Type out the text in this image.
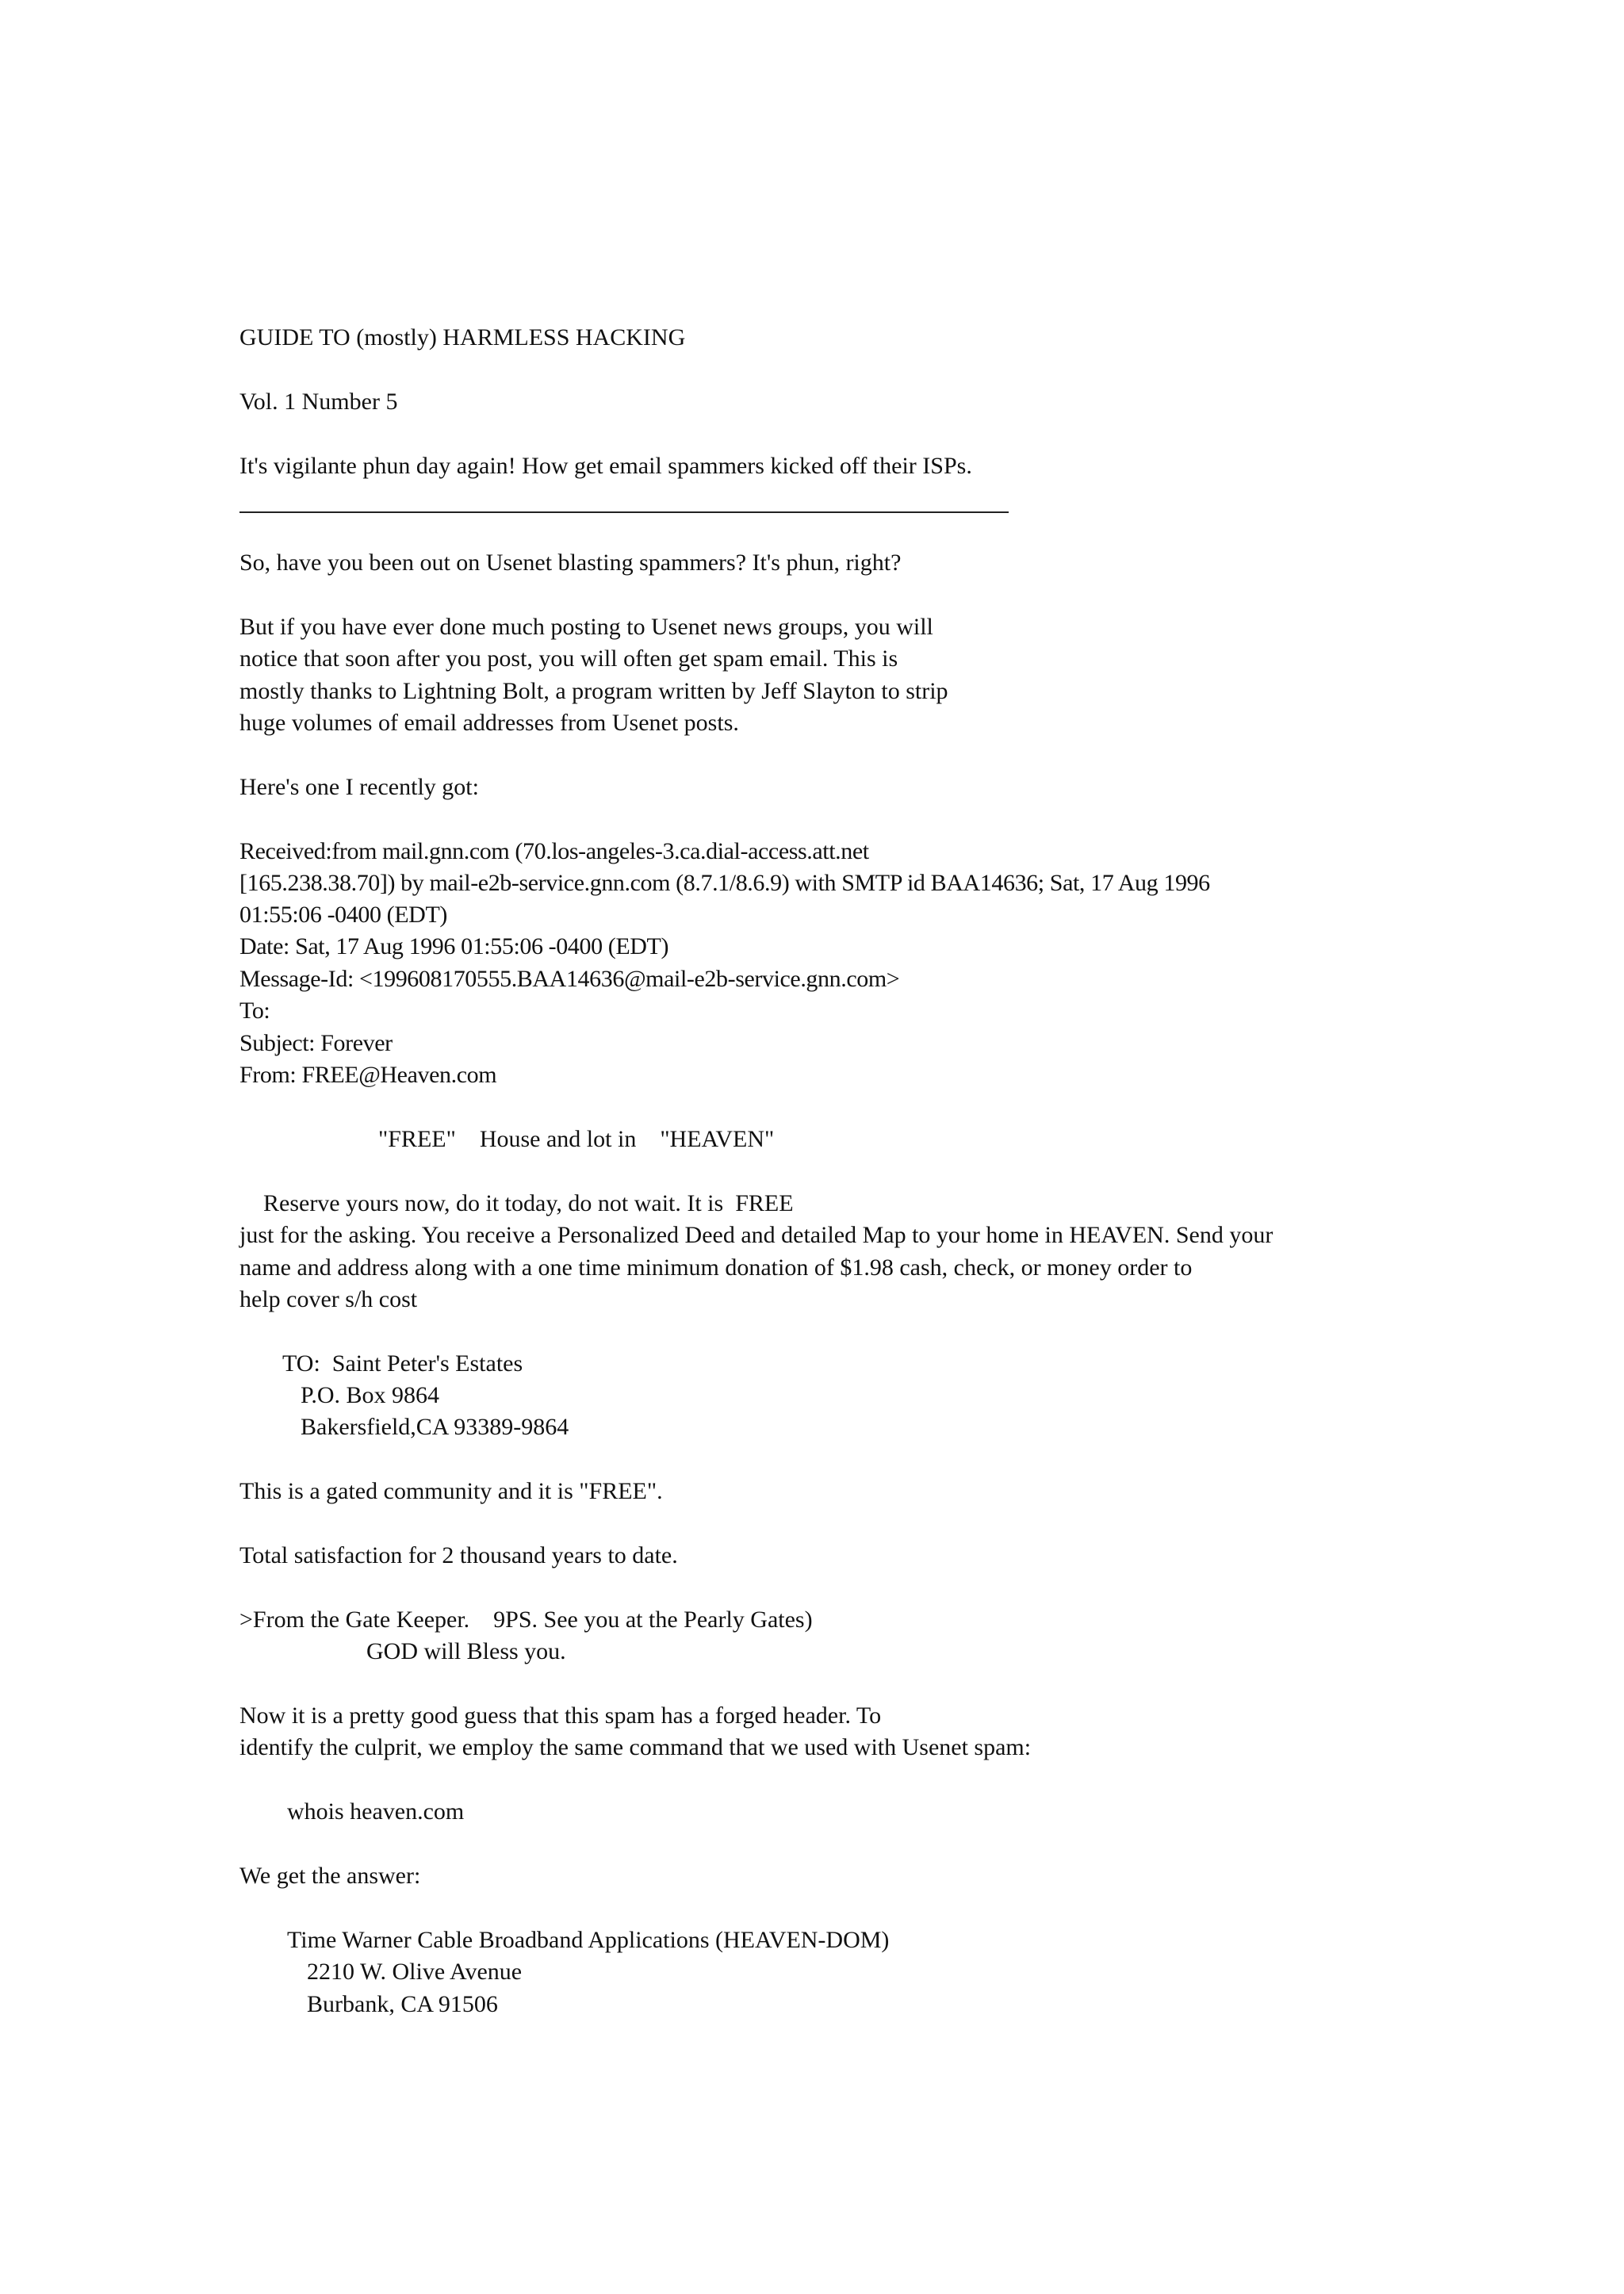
GUIDE TO (mostly) HARMLESS HACKING

Vol. 1 Number 5

It's vigilante phun day again! How get email spammers kicked off their ISPs.

So, have you been out on Usenet blasting spammers? It's phun, right?

But if you have ever done much posting to Usenet news groups, you will

notice that soon after you post, you will often get spam email. This is

mostly thanks to Lightning Bolt, a program written by Jeff Slayton to strip

huge volumes of email addresses from Usenet posts.

Here's one I recently got:

Received:from mail.gnn.com (70.los-angeles-3.ca.dial-access.att.net

[165.238.38.70]) by mail-e2b-service.gnn.com (8.7.1/8.6.9) with SMTP id BAA14636; Sat, 17 Aug 1996

01:55:06 -0400 (EDT)

Date: Sat, 17 Aug 1996 01:55:06 -0400 (EDT)

Message-Id: <199608170555.BAA14636@mail-e2b-service.gnn.com>

To:

Subject: Forever

From: FREE@Heaven.com

"FREE"    House and lot in    "HEAVEN"

Reserve yours now, do it today, do not wait. It is  FREE

just for the asking. You receive a Personalized Deed and detailed Map to your home in HEAVEN. Send your

name and address along with a one time minimum donation of $1.98 cash, check, or money order to

help cover s/h cost

TO:  Saint Peter's Estates

P.O. Box 9864

Bakersfield,CA 93389-9864

This is a gated community and it is "FREE".

Total satisfaction for 2 thousand years to date.

>From the Gate Keeper.    9PS. See you at the Pearly Gates)

GOD will Bless you.

Now it is a pretty good guess that this spam has a forged header. To

identify the culprit, we employ the same command that we used with Usenet spam:

whois heaven.com

We get the answer:

Time Warner Cable Broadband Applications (HEAVEN-DOM)

2210 W. Olive Avenue

Burbank, CA 91506
